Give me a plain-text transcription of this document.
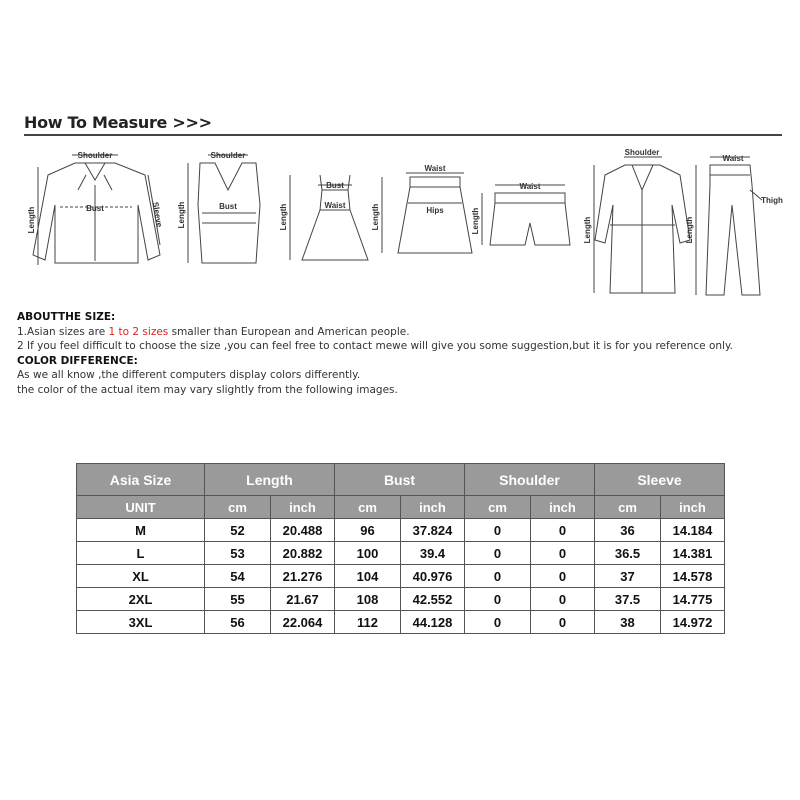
How To Measure >>>
Shoulder
Bust
Length	Sleeve
Shoulder
Bust
Length
Bust
Waist
Length
Waist
Hips
Length
Waist
Length
Shoulder
Length
Waist
Thigh
Length
ABOUTTHE SIZE:
1.Asian sizes are 1 to 2 sizes smaller than European and American people.
2 If you feel difficult to choose the size ,you can feel free to contact mewe will give you some suggestion,but it is for you reference only.
COLOR DIFFERENCE:
As we all know ,the different computers display colors differently.
the color of the actual item may vary slightly from the following images.
Asia Size	Length		Bust		Shoulder		Sleeve	
UNIT	cm	inch	cm	inch	cm	inch	cm	inch
M	52	20.488	96	37.824	0	0	36	14.184
L	53	20.882	100	39.4	0	0	36.5	14.381
XL	54	21.276	104	40.976	0	0	37	14.578
2XL	55	21.67	108	42.552	0	0	37.5	14.775
3XL	56	22.064	112	44.128	0	0	38	14.972
